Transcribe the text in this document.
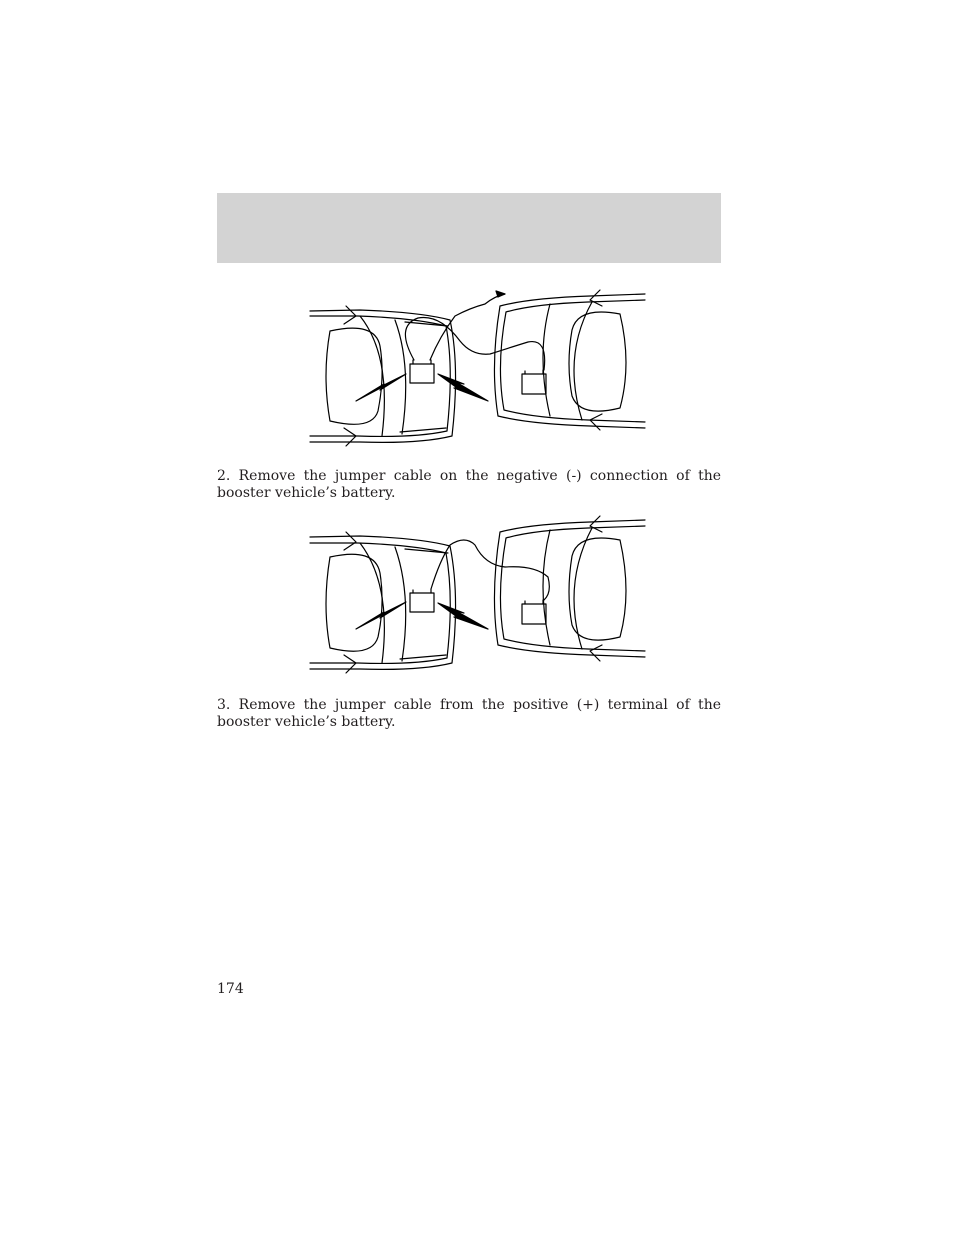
2. Remove the jumper cable on the negative (-) connection of the booster vehicle’s battery.

3. Remove the jumper cable from the positive (+) terminal of the booster vehicle’s battery.

174
